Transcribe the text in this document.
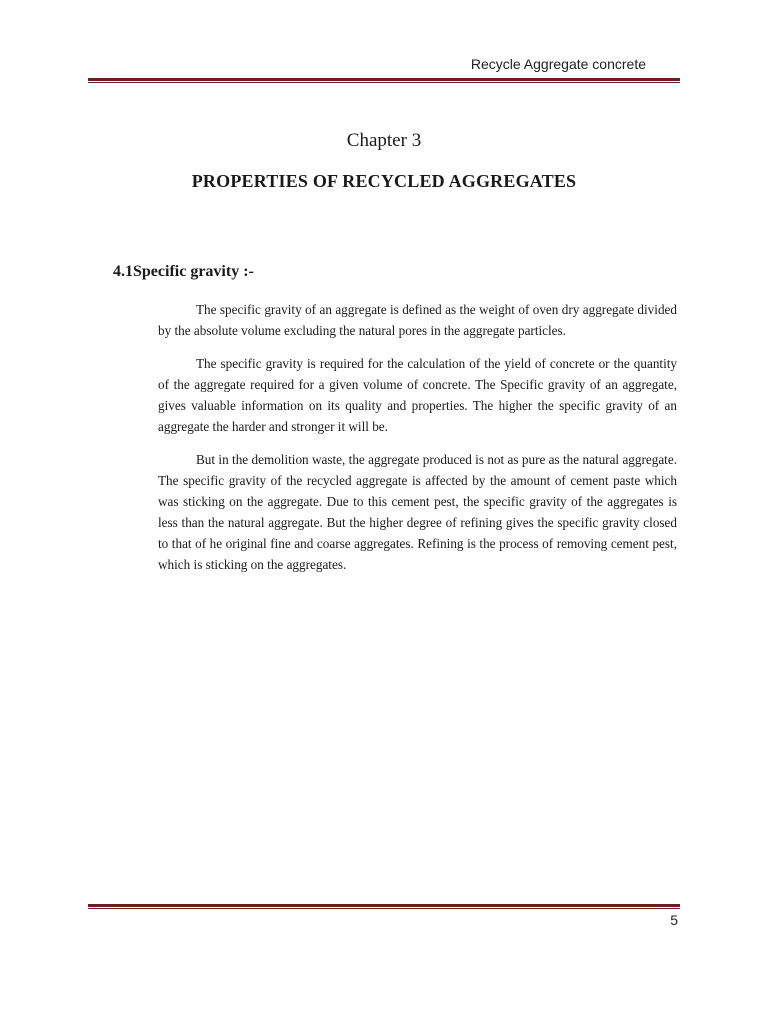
Recycle Aggregate concrete
Chapter 3
PROPERTIES OF RECYCLED AGGREGATES
4.1Specific gravity :-

The specific gravity of an aggregate is defined as the weight of oven dry aggregate divided by the absolute volume excluding the natural pores in the aggregate particles.

The specific gravity is required for the calculation of the yield of concrete or the quantity of the aggregate required for a given volume of concrete. The Specific gravity of an aggregate, gives valuable information on its quality and properties. The higher the specific gravity of an aggregate the harder and stronger it will be.

But in the demolition waste, the aggregate produced is not as pure as the natural aggregate. The specific gravity of the recycled aggregate is affected by the amount of cement paste which was sticking on the aggregate. Due to this cement pest, the specific gravity of the aggregates is less than the natural aggregate. But the higher degree of refining gives the specific gravity closed to that of he original fine and coarse aggregates. Refining is the process of removing cement pest, which is sticking on the aggregates.

5
